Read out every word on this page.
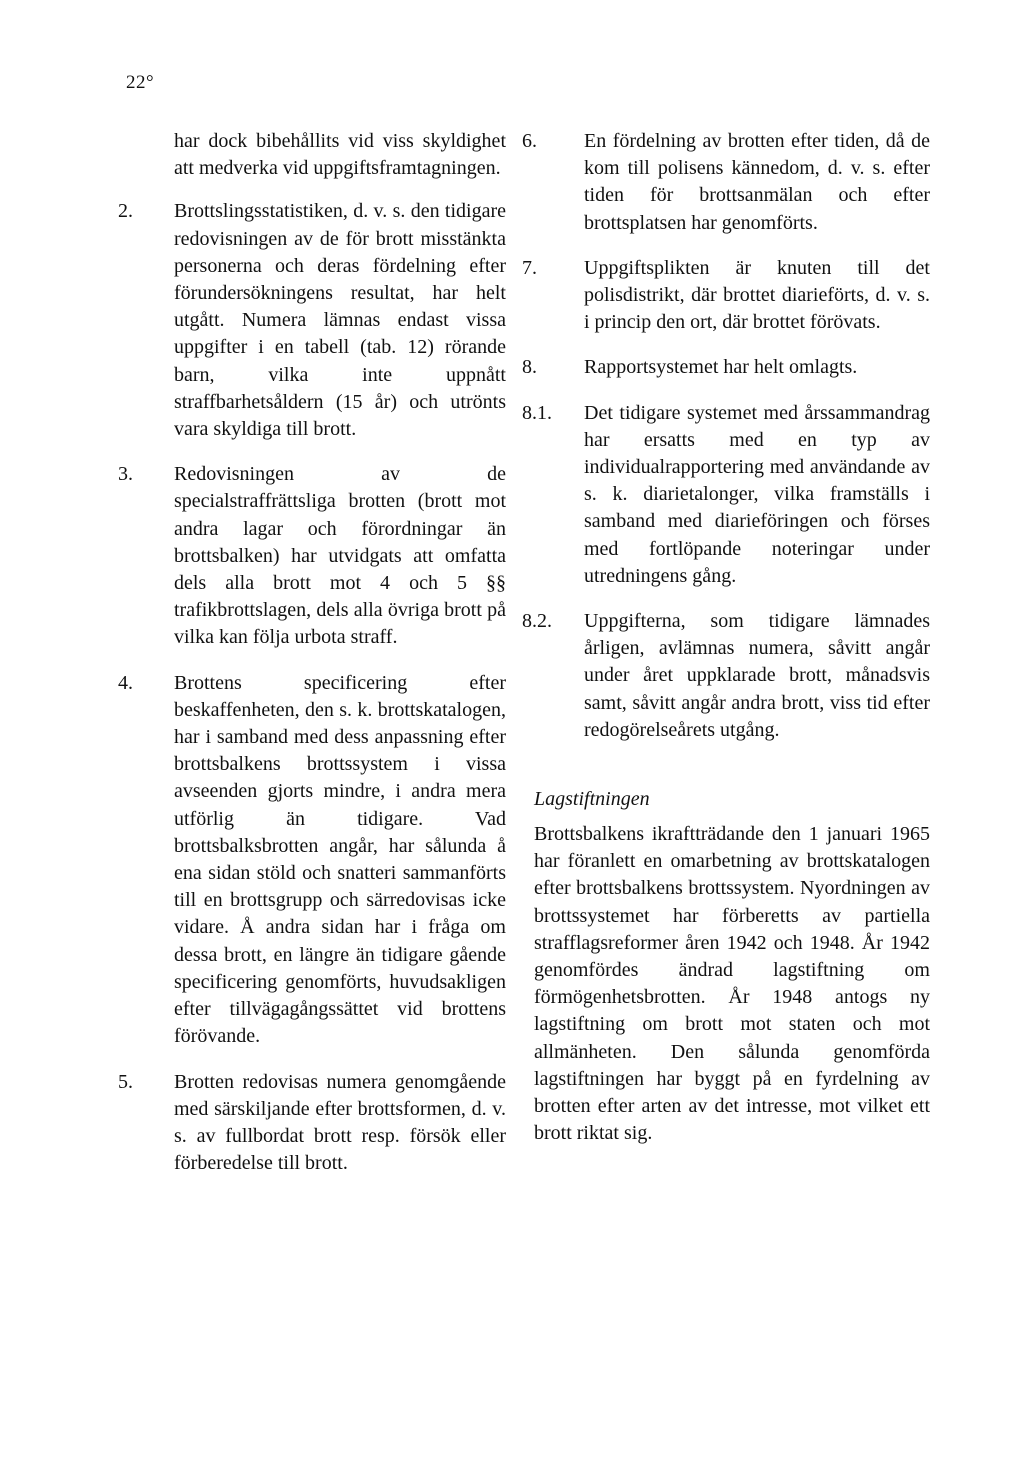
22°
har dock bibehållits vid viss skyldighet att medverka vid uppgiftsframtagningen.
2. Brottslingsstatistiken, d. v. s. den tidigare redovisningen av de för brott misstänkta personerna och deras fördelning efter förundersökningens resultat, har helt utgått. Numera lämnas endast vissa uppgifter i en tabell (tab. 12) rörande barn, vilka inte uppnått straffbarhetsåldern (15 år) och utrönts vara skyldiga till brott.
3. Redovisningen av de specialstraffrättsliga brotten (brott mot andra lagar och förordningar än brottsbalken) har utvidgats att omfatta dels alla brott mot 4 och 5 §§ trafikbrottslagen, dels alla övriga brott på vilka kan följa urbota straff.
4. Brottens specificering efter beskaffenheten, den s. k. brottskatalogen, har i samband med dess anpassning efter brottsbalkens brottssystem i vissa avseenden gjorts mindre, i andra mera utförlig än tidigare. Vad brottsbalksbrotten angår, har sålunda å ena sidan stöld och snatteri sammanförts till en brottsgrupp och särredovisas icke vidare. Å andra sidan har i fråga om dessa brott, en längre än tidigare gående specificering genomförts, huvudsakligen efter tillvägagångssättet vid brottens förövande.
5. Brotten redovisas numera genomgående med särskiljande efter brottsformen, d. v. s. av fullbordat brott resp. försök eller förberedelse till brott.
6. En fördelning av brotten efter tiden, då de kom till polisens kännedom, d. v. s. efter tiden för brottsanmälan och efter brottsplatsen har genomförts.
7. Uppgiftsplikten är knuten till det polisdistrikt, där brottet diarieförts, d. v. s. i princip den ort, där brottet förövats.
8. Rapportsystemet har helt omlagts.
8.1. Det tidigare systemet med årssammandrag har ersatts med en typ av individualrapportering med användande av s. k. diarietalonger, vilka framställs i samband med diarieföringen och förses med fortlöpande noteringar under utredningens gång.
8.2. Uppgifterna, som tidigare lämnades årligen, avlämnas numera, såvitt angår under året uppklarade brott, månadsvis samt, såvitt angår andra brott, viss tid efter redogörelseårets utgång.
Lagstiftningen
Brottsbalkens ikraftträdande den 1 januari 1965 har föranlett en omarbetning av brottskatalogen efter brottsbalkens brottssystem. Nyordningen av brottssystemet har förberetts av partiella strafflagsreformer åren 1942 och 1948. År 1942 genomfördes ändrad lagstiftning om förmögenhetsbrotten. År 1948 antogs ny lagstiftning om brott mot staten och mot allmänheten. Den sålunda genomförda lagstiftningen har byggt på en fyrdelning av brotten efter arten av det intresse, mot vilket ett brott riktat sig.
